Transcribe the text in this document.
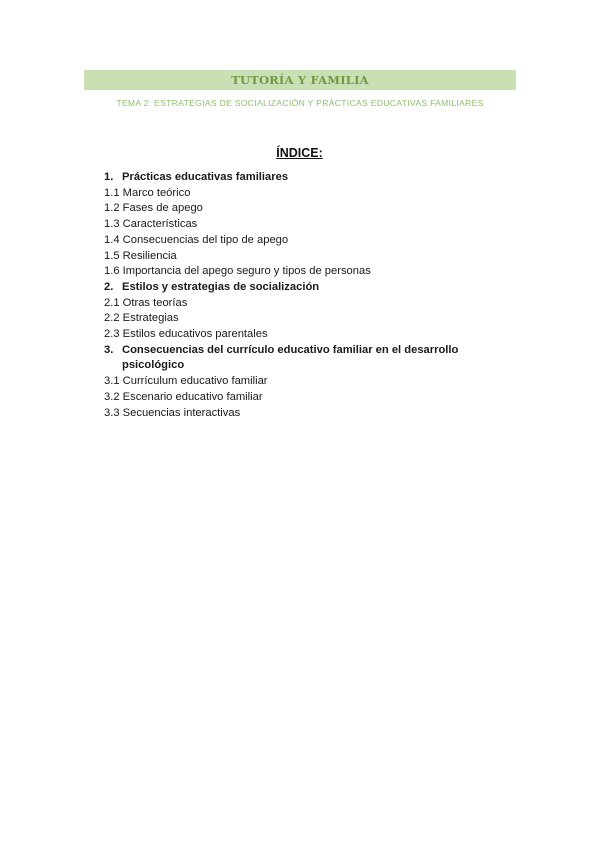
TUTORÍA Y FAMILIA
TEMA 2: ESTRATEGIAS DE SOCIALIZACIÓN Y PRÁCTICAS EDUCATIVAS FAMILIARES
ÍNDICE:
1. Prácticas educativas familiares
1.1 Marco teórico
1.2 Fases de apego
1.3 Características
1.4 Consecuencias del tipo de apego
1.5 Resiliencia
1.6 Importancia del apego seguro y tipos de personas
2. Estilos y estrategias de socialización
2.1 Otras teorías
2.2 Estrategias
2.3 Estilos educativos parentales
3. Consecuencias del currículo educativo familiar en el desarrollo psicológico
3.1 Currículum educativo familiar
3.2 Escenario educativo familiar
3.3 Secuencias interactivas
